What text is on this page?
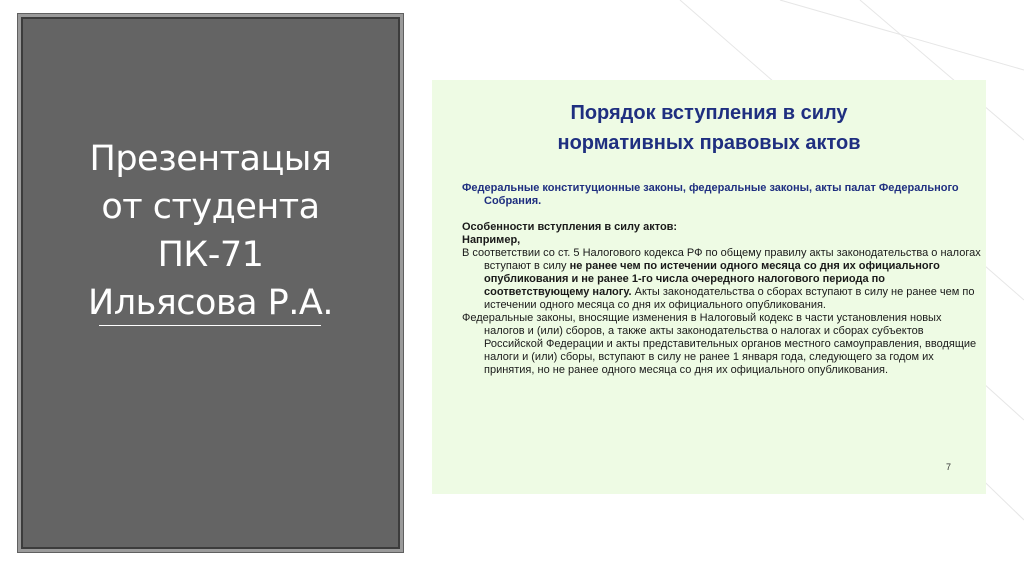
Презентацыя
от студента
ПК-71
Ильясова Р.А.
Порядок вступления в силу
нормативных правовых актов

Федеральные конституционные законы, федеральные законы, акты палат Федерального Собрания.

Особенности вступления в силу актов:

Например,

В соответствии со ст. 5 Налогового кодекса РФ по общему правилу акты законодательства о налогах вступают в силу не ранее чем по истечении одного месяца со дня их официального опубликования и не ранее 1-го числа очередного налогового периода по соответствующему налогу. Акты законодательства о сборах вступают в силу не ранее чем по истечении одного месяца со дня их официального опубликования.

Федеральные законы, вносящие изменения в Налоговый кодекс в части установления новых налогов и (или) сборов, а также акты законодательства о налогах и сборах субъектов Российской Федерации и акты представительных органов местного самоуправления, вводящие налоги и (или) сборы, вступают в силу не ранее 1 января года, следующего за годом их принятия, но не ранее одного месяца со дня их официального опубликования.

7
